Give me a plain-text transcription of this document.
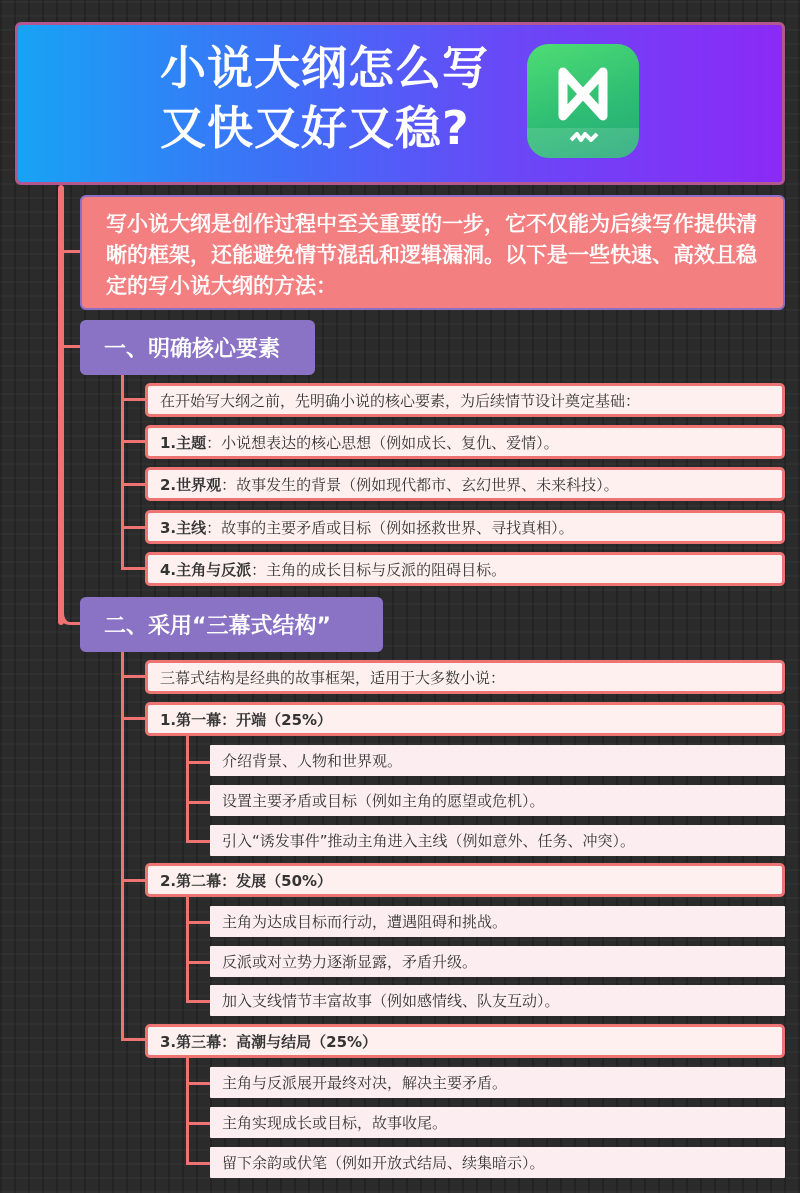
小说大纲怎么写
又快又好又稳?
写小说大纲是创作过程中至关重要的一步，它不仅能为后续写作提供清晰的框架，还能避免情节混乱和逻辑漏洞。以下是一些快速、高效且稳定的写小说大纲的方法：
一、明确核心要素
在开始写大纲之前，先明确小说的核心要素，为后续情节设计奠定基础：
1.主题 ：小说想表达的核心思想（例如成长、复仇、爱情）。
2.世界观 ：故事发生的背景（例如现代都市、玄幻世界、未来科技）。
3.主线 ：故事的主要矛盾或目标（例如拯救世界、寻找真相）。
4.主角与反派 ：主角的成长目标与反派的阻碍目标。
二、采用“三幕式结构”
三幕式结构是经典的故事框架，适用于大多数小说：
1.第一幕：开端（25%）
介绍背景、人物和世界观。
设置主要矛盾或目标（例如主角的愿望或危机）。
引入“诱发事件”推动主角进入主线（例如意外、任务、冲突）。
2.第二幕：发展（50%）
主角为达成目标而行动，遭遇阻碍和挑战。
反派或对立势力逐渐显露，矛盾升级。
加入支线情节丰富故事（例如感情线、队友互动）。
3.第三幕：高潮与结局（25%）
主角与反派展开最终对决，解决主要矛盾。
主角实现成长或目标，故事收尾。
留下余韵或伏笔（例如开放式结局、续集暗示）。
